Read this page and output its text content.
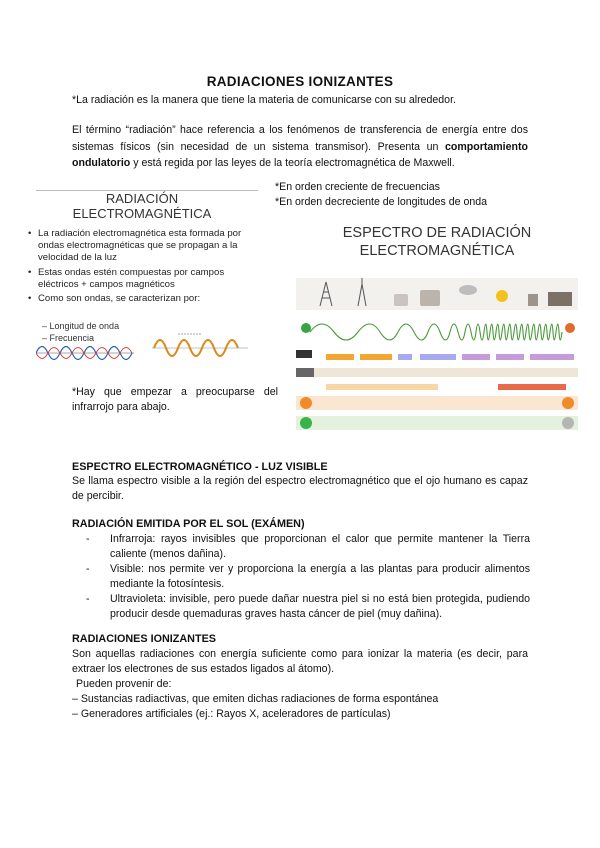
RADIACIONES IONIZANTES
*La radiación es la manera que tiene la materia de comunicarse con su alrededor.
El término “radiación” hace referencia a los fenómenos de transferencia de energía entre dos sistemas físicos (sin necesidad de un sistema transmisor). Presenta un comportamiento ondulatorio y está regida por las leyes de la teoría electromagnética de Maxwell.
*En orden creciente de frecuencias
*En orden decreciente de longitudes de onda
RADIACIÓN
ELECTROMAGNÉTICA
• La radiación electromagnética esta formada por ondas electromagnéticas que se propagan a la velocidad de la luz
• Estas ondas estén compuestas por campos eléctricos + campos magnéticos
• Como son ondas, se caracterizan por:
– Longitud de onda
– Frecuencia
ESPECTRO DE RADIACIÓN
ELECTROMAGNÉTICA
*Hay que empezar a preocuparse del infrarrojo para abajo.
ESPECTRO ELECTROMAGNÉTICO - LUZ VISIBLE
Se llama espectro visible a la región del espectro electromagnético que el ojo humano es capaz de percibir.
RADIACIÓN EMITIDA POR EL SOL (EXÁMEN)
- Infrarroja: rayos invisibles que proporcionan el calor que permite mantener la Tierra caliente (menos dañina).
- Visible: nos permite ver y proporciona la energía a las plantas para producir alimentos mediante la fotosíntesis.
- Ultravioleta: invisible, pero puede dañar nuestra piel si no está bien protegida, pudiendo producir desde quemaduras graves hasta cáncer de piel (muy dañina).
RADIACIONES IONIZANTES
Son aquellas radiaciones con energía suficiente como para ionizar la materia (es decir, para extraer los electrones de sus estados ligados al átomo).
Pueden provenir de:
– Sustancias radiactivas, que emiten dichas radiaciones de forma espontánea
– Generadores artificiales (ej.: Rayos X, aceleradores de partículas)
